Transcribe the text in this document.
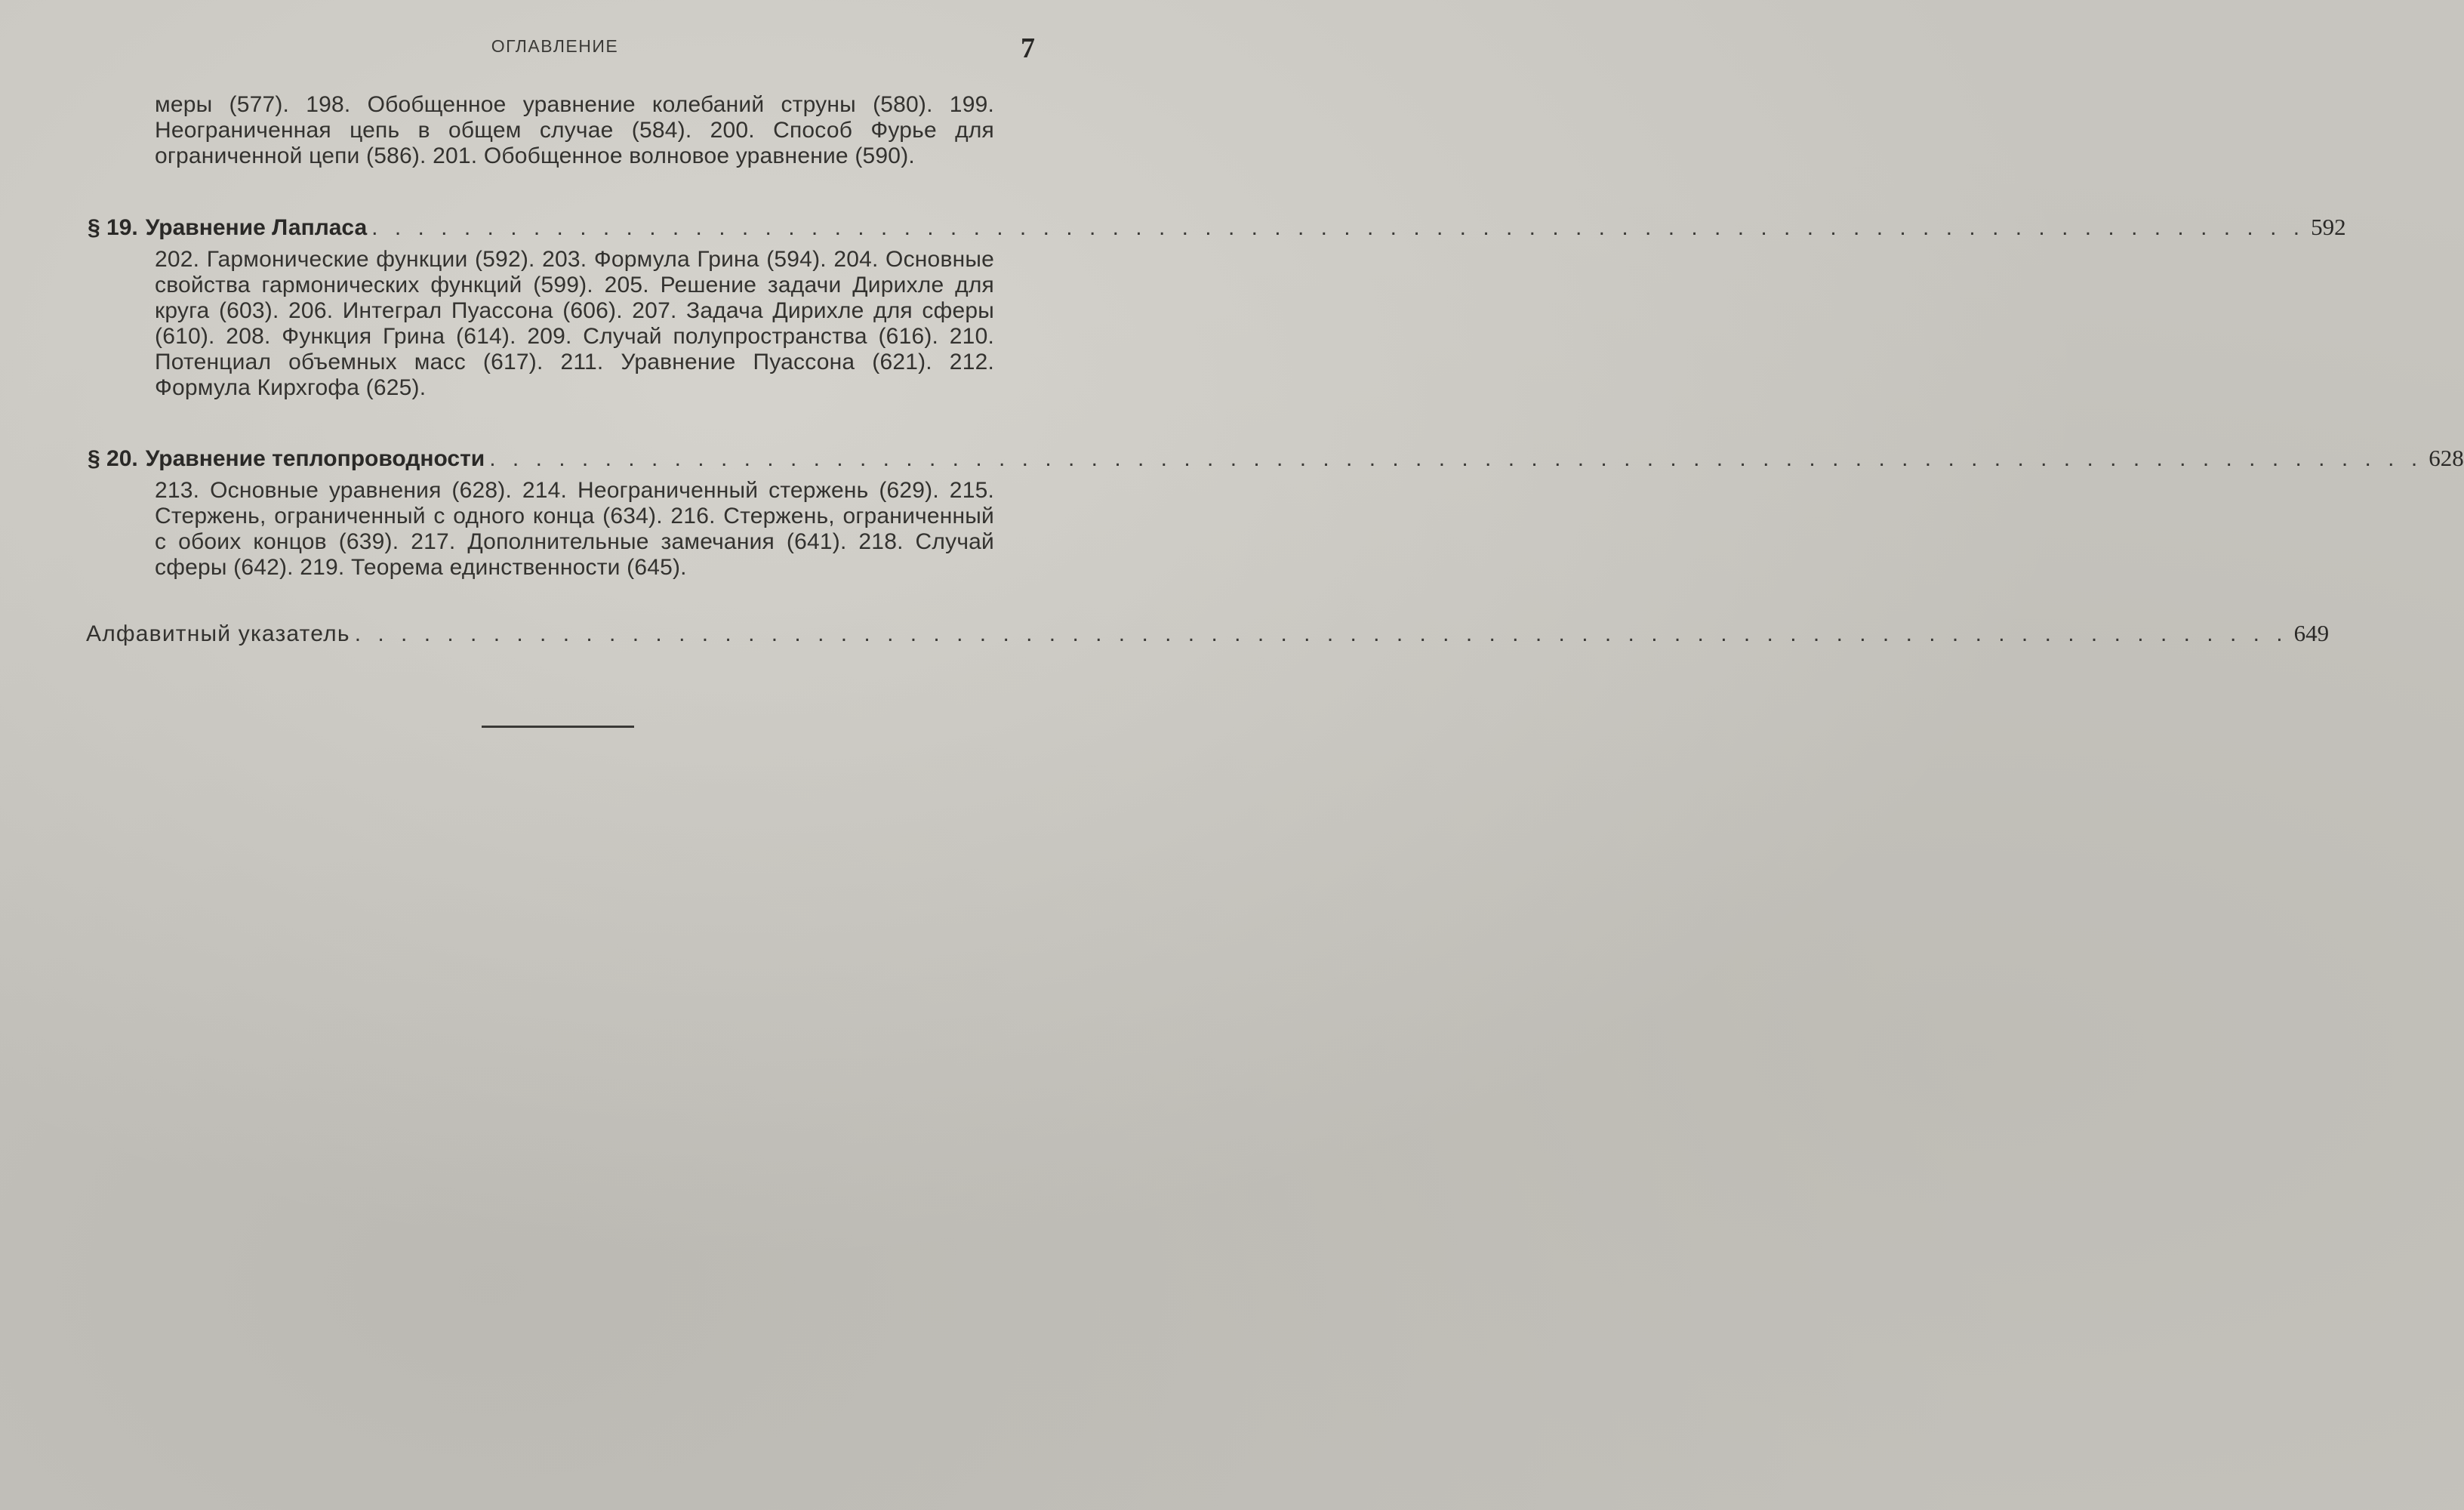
ОГЛАВЛЕНИЕ	7
меры (577). 198. Обобщенное уравнение колебаний струны (580). 199. Неограниченная цепь в общем случае (584). 200. Способ Фурье для ограниченной цепи (586). 201. Обобщенное волновое уравнение (590).
§ 19. Уравнение Лапласа . . . . . . . . . . . . . . . . . . . . . . . . . . . . . . . . . . . . . . . . . . . . . . . . . . . . . . . . . . . . . . . . . . . . . . . . . . . . . . . . . . . . 592
202. Гармонические функции (592). 203. Формула Грина (594). 204. Основные свойства гармонических функций (599). 205. Решение задачи Дирихле для круга (603). 206. Интеграл Пуассона (606). 207. Задача Дирихле для сферы (610). 208. Функция Грина (614). 209. Случай полупространства (616). 210. Потенциал объемных масс (617). 211. Уравнение Пуассона (621). 212. Формула Кирхгофа (625).
§ 20. Уравнение теплопроводности . . . . . . . . . . . . . . . . . . . . . . . . . . . . . . . . . . . . . . . . . . . . . . . . . . . . . . . . . . . . . . . . . . . . . . . . . . . . . . . . . . . . 628
213. Основные уравнения (628). 214. Неограниченный стержень (629). 215. Стержень, ограниченный с одного конца (634). 216. Стержень, ограниченный с обоих концов (639). 217. Дополнительные замечания (641). 218. Случай сферы (642). 219. Теорема единственности (645).
Алфавитный указатель . . . . . . . . . . . . . . . . . . . . . . . . . . . . . . . . . . . . . . . . . . . . . . . . . . . . . . . . . . . . . . . . . . . . . . . . . . . . . . . . . . . . 649
